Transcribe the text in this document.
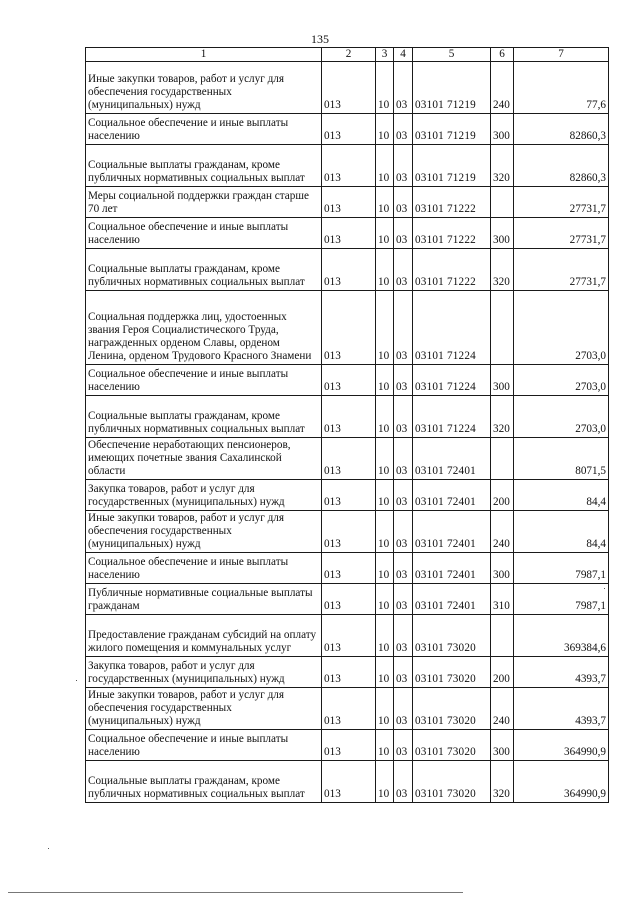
135
1	2	3	4	5	6	7
Иные закупки товаров, работ и услуг для обеспечения государственных (муниципальных) нужд	013	10	03	03101 71219	240	77,6
Социальное обеспечение и иные выплаты населению	013	10	03	03101 71219	300	82860,3
Социальные выплаты гражданам, кроме публичных нормативных социальных выплат	013	10	03	03101 71219	320	82860,3
Меры социальной поддержки граждан старше 70 лет	013	10	03	03101 71222		27731,7
Социальное обеспечение и иные выплаты населению	013	10	03	03101 71222	300	27731,7
Социальные выплаты гражданам, кроме публичных нормативных социальных выплат	013	10	03	03101 71222	320	27731,7
Социальная поддержка лиц, удостоенных звания Героя Социалистического Труда, награжденных орденом Славы, орденом Ленина, орденом Трудового Красного Знамени	013	10	03	03101 71224		2703,0
Социальное обеспечение и иные выплаты населению	013	10	03	03101 71224	300	2703,0
Социальные выплаты гражданам, кроме публичных нормативных социальных выплат	013	10	03	03101 71224	320	2703,0
Обеспечение неработающих пенсионеров, имеющих почетные звания Сахалинской области	013	10	03	03101 72401		8071,5
Закупка товаров, работ и услуг для государственных (муниципальных) нужд	013	10	03	03101 72401	200	84,4
Иные закупки товаров, работ и услуг для обеспечения государственных (муниципальных) нужд	013	10	03	03101 72401	240	84,4
Социальное обеспечение и иные выплаты населению	013	10	03	03101 72401	300	7987,1
Публичные нормативные социальные выплаты гражданам	013	10	03	03101 72401	310	7987,1
Предоставление гражданам субсидий на оплату жилого помещения и коммунальных услуг	013	10	03	03101 73020		369384,6
Закупка товаров, работ и услуг для государственных (муниципальных) нужд	013	10	03	03101 73020	200	4393,7
Иные закупки товаров, работ и услуг для обеспечения государственных (муниципальных) нужд	013	10	03	03101 73020	240	4393,7
Социальное обеспечение и иные выплаты населению	013	10	03	03101 73020	300	364990,9
Социальные выплаты гражданам, кроме публичных нормативных социальных выплат	013	10	03	03101 73020	320	364990,9
